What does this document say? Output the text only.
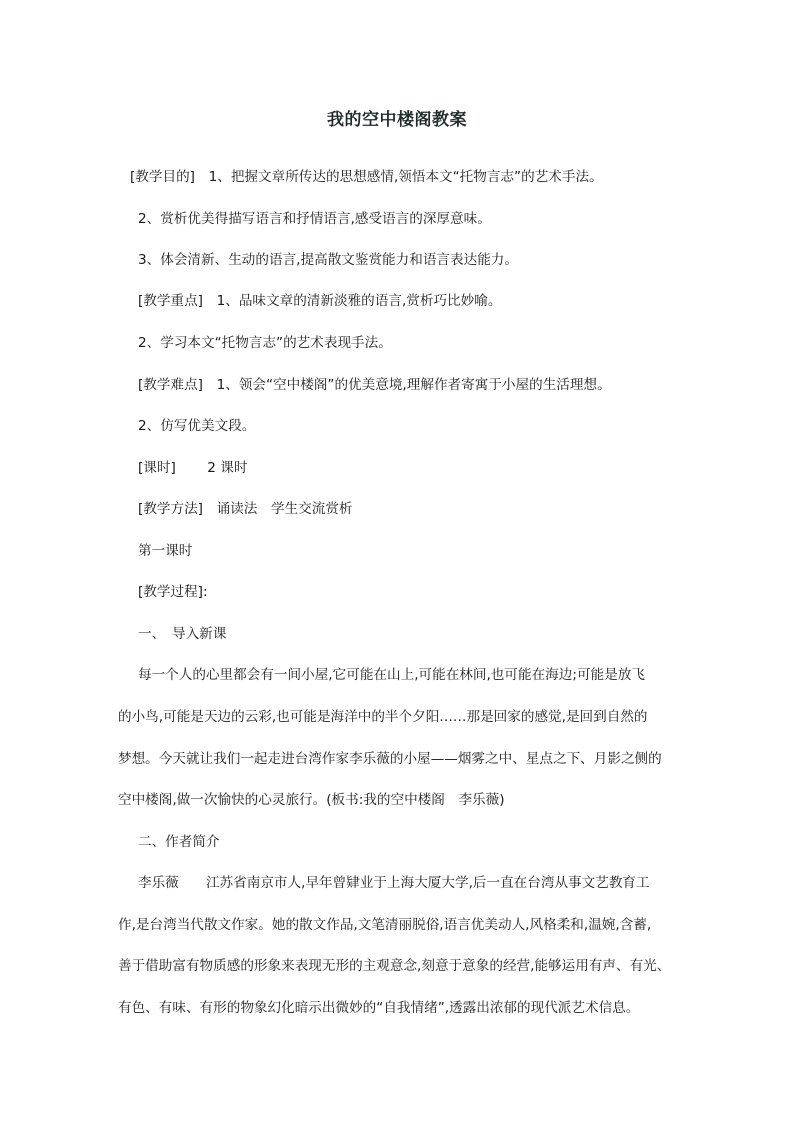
我的空中楼阁教案
[教学目的]　1、把握文章所传达的思想感情,领悟本文“托物言志”的艺术手法。
2、赏析优美得描写语言和抒情语言,感受语言的深厚意味。
3、体会清新、生动的语言,提高散文鉴赏能力和语言表达能力。
[教学重点]　1、品味文章的清新淡雅的语言,赏析巧比妙喻。
2、学习本文“托物言志”的艺术表现手法。
[教学难点]　1、领会“空中楼阁”的优美意境,理解作者寄寓于小屋的生活理想。
2、仿写优美文段。
[课时]　　 2 课时
[教学方法]　诵读法　学生交流赏析
第一课时
[教学过程]:
一、　导入新课
每一个人的心里都会有一间小屋,它可能在山上,可能在林间,也可能在海边;可能是放飞
的小鸟,可能是天边的云彩,也可能是海洋中的半个夕阳……那是回家的感觉,是回到自然的
梦想。今天就让我们一起走进台湾作家李乐薇的小屋——烟雾之中、星点之下、月影之侧的
空中楼阁,做一次愉快的心灵旅行。(板书:我的空中楼阁　李乐薇)
二、作者简介
李乐薇　　江苏省南京市人,早年曾肄业于上海大厦大学,后一直在台湾从事文艺教育工
作,是台湾当代散文作家。她的散文作品,文笔清丽脱俗,语言优美动人,风格柔和,温婉,含蓄,
善于借助富有物质感的形象来表现无形的主观意念,刻意于意象的经营,能够运用有声、有光、
有色、有味、有形的物象幻化暗示出微妙的“自我情绪”,透露出浓郁的现代派艺术信息。
